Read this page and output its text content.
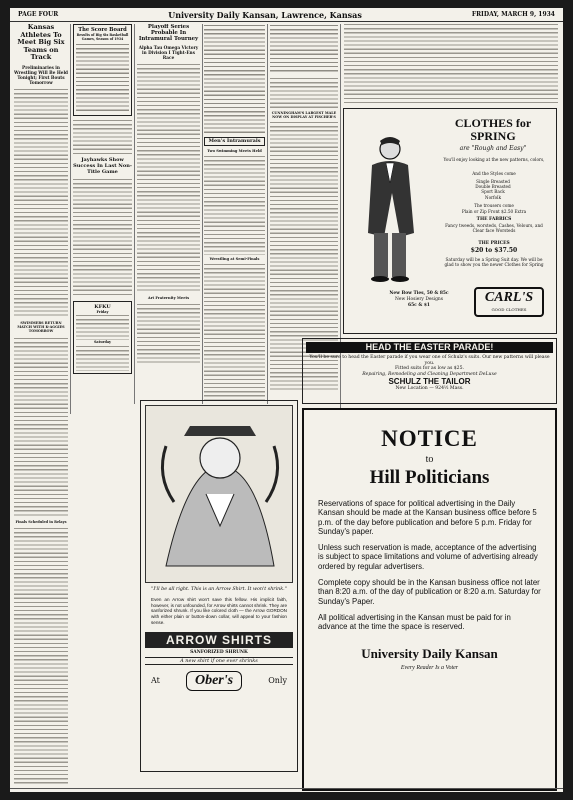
PAGE FOUR	University Daily Kansan, Lawrence, Kansas	FRIDAY, MARCH 9, 1934
Kansas Athletes To Meet Big Six Teams on Track
Preliminaries in Wrestling Will Be Held Tonight; First Bouts Tomorrow
SWIMMERS RETURN MATCH WITH K-AGGIES TOMORROW
Finals Scheduled in Relays
The Score Board
Results of Big Six Basketball Games, Season of 1934
Jayhawks Show Success In Last Non-Title Game
KFKU
Friday
Saturday
Playoff Series Probable In Intramural Tourney
Alpha Tau Omega Victory in Division I Tight-Ens Race
Art Fraternity Meets
Men's Intramurals
Two Swimming Meets Held
Wrestling at Semi-Finals
CUNNINGHAM'S LARGEST MALE NOW ON DISPLAY AT FISCHER'S	CLOTHES for SPRING
are "Rough and Easy"
You'll enjoy looking at the new patterns, colors,
And the Styles come
Single Breasted
Double Breasted
Sport Back
Norfolk
The trousers come
Plain or Zip Front $2.50 Extra
THE FABRICS
Fancy tweeds, worsteds, Cashes, Velours, and Clear face Worsteds
THE PRICES
$20 to $37.50
Saturday will be a Spring Suit day. We will be glad to show you the newer Clothes for Spring
New Bow Ties, 50 & 85c
New Hosiery Designs
65c & $1
CARL'S
GOOD CLOTHES
HEAD THE EASTER PARADE!
You'll be sure to head the Easter parade if you wear one of Schulz's suits. Our new patterns will please you.
Fitted suits for as low as $25.
Repairing, Remodeling and Cleaning Department DeLuxe
SCHULZ THE TAILOR
New Location — 924½ Mass.
"I'll be all right. This is an Arrow Shirt. It won't shrink."
Even an Arrow shirt won't save this fellow. His implicit faith, however, is not unfounded, for Arrow shirts cannot shrink. They are sanforized shrunk. If you like colored cloth — the Arrow GORDON with either plain or button-down collar, will appeal to your fashion sense.
ARROW SHIRTS
SANFORIZED SHRUNK
A new shirt if one ever shrinks
At	Ober's	Only
NOTICE
to
Hill Politicians

Reservations of space for political advertising in the Daily Kansan should be made at the Kansan business office before 5 p.m. of the day before publication and before 5 p.m. Friday for Sunday's paper.

Unless such reservation is made, acceptance of the advertising is subject to space limitations and volume of advertising already ordered by regular advertisers.

Complete copy should be in the Kansan business office not later than 8:20 a.m. of the day of publication or 8:20 a.m. Saturday for Sunday's Paper.

All political advertising in the Kansan must be paid for in advance at the time the space is reserved.

University Daily Kansan
Every Reader Is a Voter
